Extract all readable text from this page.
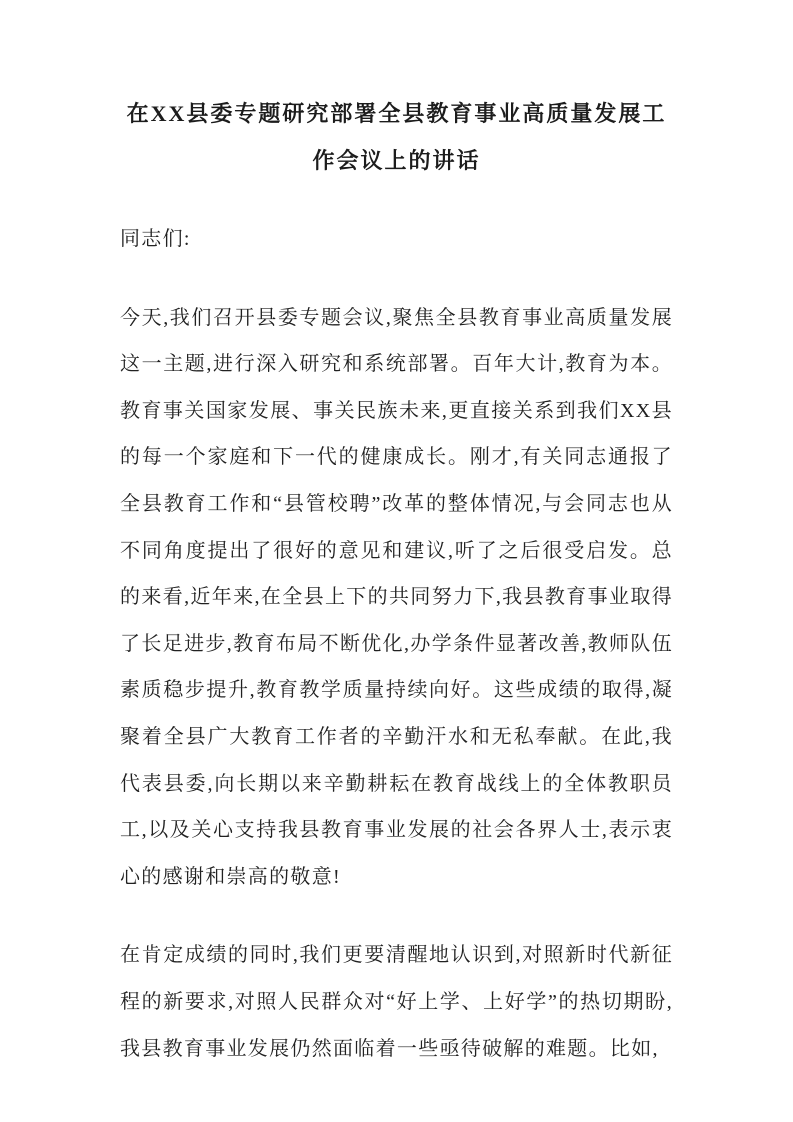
在XX县委专题研究部署全县教育事业高质量发展工作会议上的讲话

同志们:

今天,我们召开县委专题会议,聚焦全县教育事业高质量发展这一主题,进行深入研究和系统部署。百年大计,教育为本。教育事关国家发展、事关民族未来,更直接关系到我们XX县的每一个家庭和下一代的健康成长。刚才,有关同志通报了全县教育工作和“县管校聘”改革的整体情况,与会同志也从不同角度提出了很好的意见和建议,听了之后很受启发。总的来看,近年来,在全县上下的共同努力下,我县教育事业取得了长足进步,教育布局不断优化,办学条件显著改善,教师队伍素质稳步提升,教育教学质量持续向好。这些成绩的取得,凝聚着全县广大教育工作者的辛勤汗水和无私奉献。在此,我代表县委,向长期以来辛勤耕耘在教育战线上的全体教职员工,以及关心支持我县教育事业发展的社会各界人士,表示衷心的感谢和崇高的敬意!

在肯定成绩的同时,我们更要清醒地认识到,对照新时代新征程的新要求,对照人民群众对“好上学、上好学”的热切期盼,我县教育事业发展仍然面临着一些亟待破解的难题。比如,
